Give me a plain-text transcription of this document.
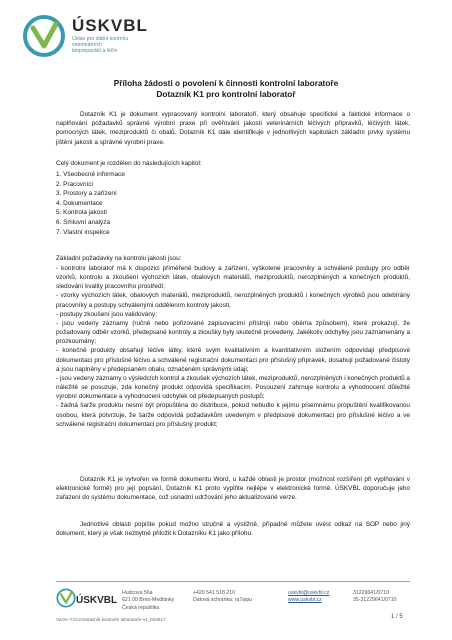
ÚSKVBL
Ústav pro státní kontrolu
veterinárních
biopreparátů a léčiv
Příloha žádosti o povolení k činnosti kontrolní laboratoře
Dotazník K1 pro kontrolní laboratoř
Dotazník K1 je dokument vypracovaný kontrolní laboratoří, který obsahuje specifické a faktické informace o naplňování požadavků správné výrobní praxe při ověřování jakosti veterinárních léčivých přípravků, léčivých látek, pomocných látek, meziproduktů či obalů. Dotazník K1 dále identifikuje v jednotlivých kapitolách základní prvky systému jištění jakosti a správné výrobní praxe.
Celý dokument je rozdělen do následujících kapitol:
1. Všeobecné informace
2. Pracovníci
3. Prostory a zařízení
4. Dokumentace
5. Kontrola jakosti
6. Smluvní analýza
7. Vlastní inspekce
Základní požadavky na kontrolu jakosti jsou:
- kontrolní laboratoř má k dispozici přiměřené budovy a zařízení, vyškolené pracovníky a schválené postupy pro odběr vzorků, kontrolu a zkoušení výchozích látek, obalových materiálů, meziproduktů, nerozplněných a konečných produktů, sledování kvality pracovního prostředí;
- vzorky výchozích látek, obalových materiálů, meziproduktů, nerozplněných produktů i konečných výrobků jsou odebírány pracovníky a postupy schválenými oddělením kontroly jakosti;
- postupy zkoušení jsou validovány;
- jsou vedeny záznamy (ručně nebo pořizované zapisovacími přístroji nebo oběma způsobem), které prokazují, že požadovaný odběr vzorků, předepsané kontroly a zkoušky byly skutečně provedeny. Jakékoliv odchylky jsou zaznamenány a prozkoumány;
- konečné produkty obsahují léčivé látky, které svým kvalitativním a kvantitativním složením odpovídají předpisové dokumentaci pro příslušné léčivo a schválené registrační dokumentaci pro příslušný přípravek, dosahují požadované čistoty a jsou naplněny v předepsaném obalu, označeném správnými údaji;
- jsou vedeny záznamy o výsledcích kontrol a zkoušek výchozích látek, meziproduktů, nerozplněných i konečných produktů a náležitě se posuzuje, zda konečný produkt odpovídá specifikacím. Posouzení zahrnuje kontrolu a vyhodnocení důležité výrobní dokumentace a vyhodnocení odchylek od předepsaných postupů;
- žádná šarže produktu nesmí být propuštěna do distribuce, pokud nebudlo k jejímu písemnému propuštění kvalifikovanou osobou, která potvrzuje, že šarže odpovídá požadavkům uvedeným v předpisové dokumentaci pro příslušné léčivo a ve schválené registrační dokumentaci pro příslušný produkt;
Dotazník K1 je vytvořen ve formě dokumentu Word, u každé oblasti je prostor (možnost rozšíření při vyplňování v elektronické formě) pro její popsání, Dotazník K1 proto vyplňte nejlépe v elektronické formě. ÚSKVBL doporučuje jeho zařazení do systému dokumentace, což usnadní udržování jeho aktualizované verze.
Jednotlivé oblasti popište pokud možno stručně a výstižně, případně můžete uvést odkaz na SOP nebo jiný dokument, který je však nezbytné přiložit k Dotazníku K1 jako přílohu.
ÚSKVBL
Hudcova 56a
621 00 Brno-Medlánky
Česká republika
+420 541 518 210
Datová schránka: ra7aipu
uskvbl@uskvbl.cz
www.uskvbl.cz
31229641/0710
35-31229641/0710
Verze: F213-Dotazník kontrolní laboratoře-v1_020817	1 / 5
